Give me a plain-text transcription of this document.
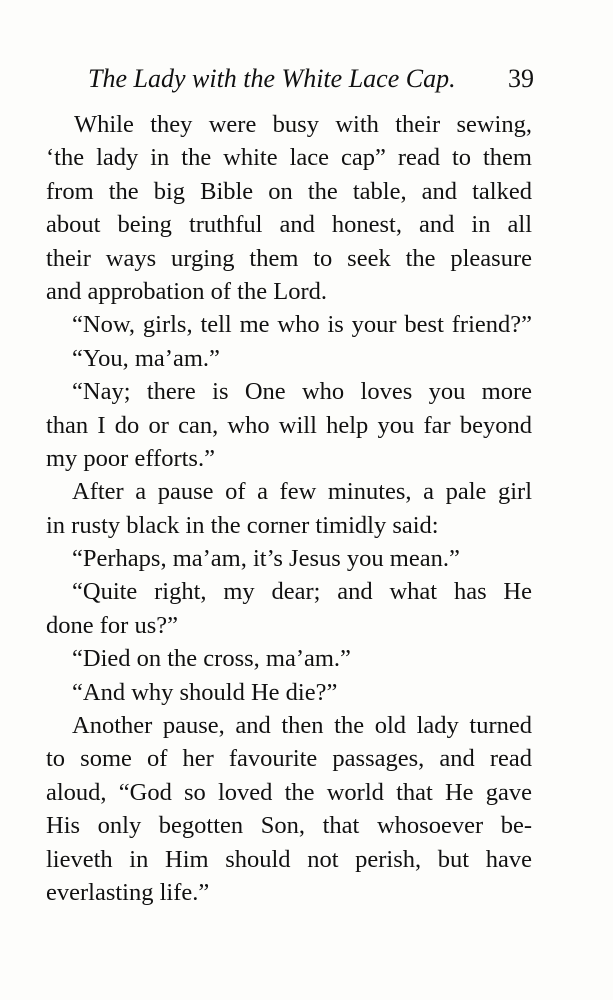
The Lady with the White Lace Cap. 39
While they were busy with their sewing,
‘the lady in the white lace cap” read to them
from the big Bible on the table, and talked
about being truthful and honest, and in all
their ways urging them to seek the pleasure
and approbation of the Lord.
“Now, girls, tell me who is your best friend?”
“You, ma’am.”
“Nay; there is One who loves you more
than I do or can, who will help you far beyond
my poor efforts.”
After a pause of a few minutes, a pale girl
in rusty black in the corner timidly said:
“Perhaps, ma’am, it’s Jesus you mean.”
“Quite right, my dear; and what has He
done for us?”
“Died on the cross, ma’am.”
“And why should He die?”
Another pause, and then the old lady turned
to some of her favourite passages, and read
aloud, “God so loved the world that He gave
His only begotten Son, that whosoever be-
lieveth in Him should not perish, but have
everlasting life.”
